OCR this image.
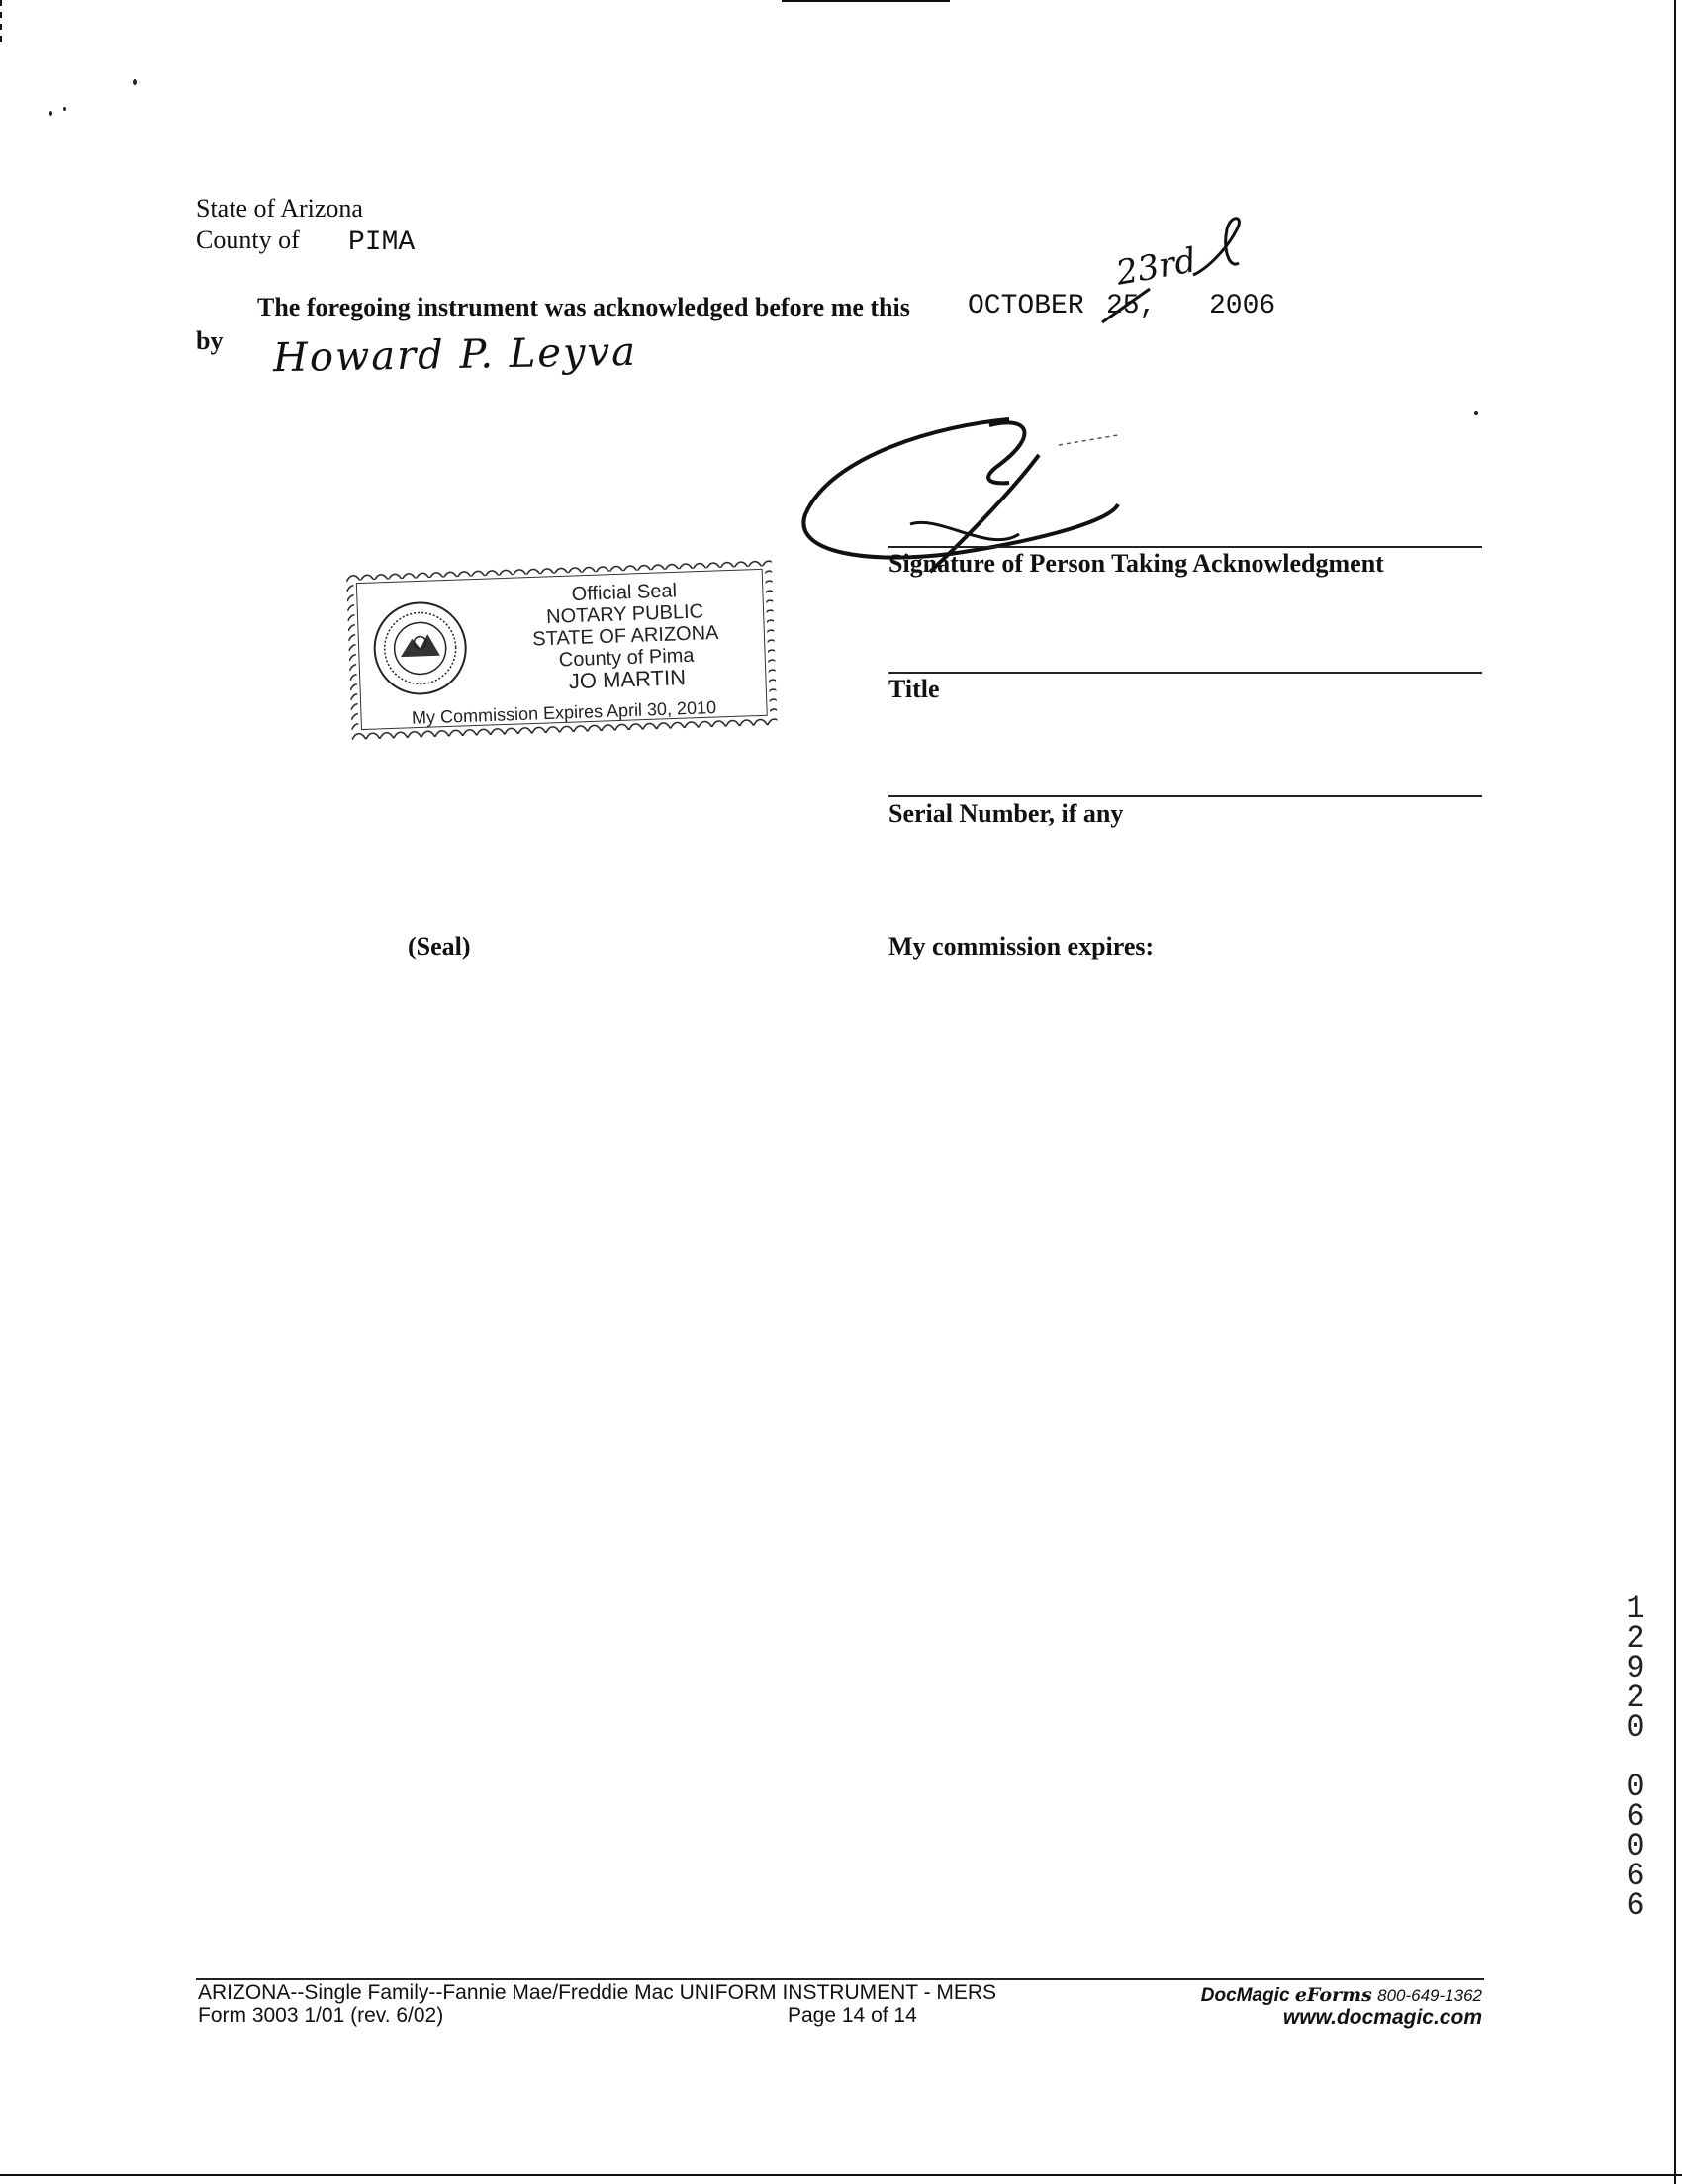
State of Arizona
County of PIMA
The foregoing instrument was acknowledged before me this OCTOBER 25, 2006
23rd
by Howard P. Leyva
Signature of Person Taking Acknowledgment
Title
Serial Number, if any
(Seal)	My commission expires:
Official Seal
NOTARY PUBLIC
STATE OF ARIZONA
County of Pima
JO MARTIN
My Commission Expires April 30, 2010
1
2
9
2
0
0
6
0
6
6
ARIZONA--Single Family--Fannie Mae/Freddie Mac UNIFORM INSTRUMENT - MERS
Form 3003 1/01 (rev. 6/02)	Page 14 of 14
DocMagic eForms 800-649-1362
www.docmagic.com
